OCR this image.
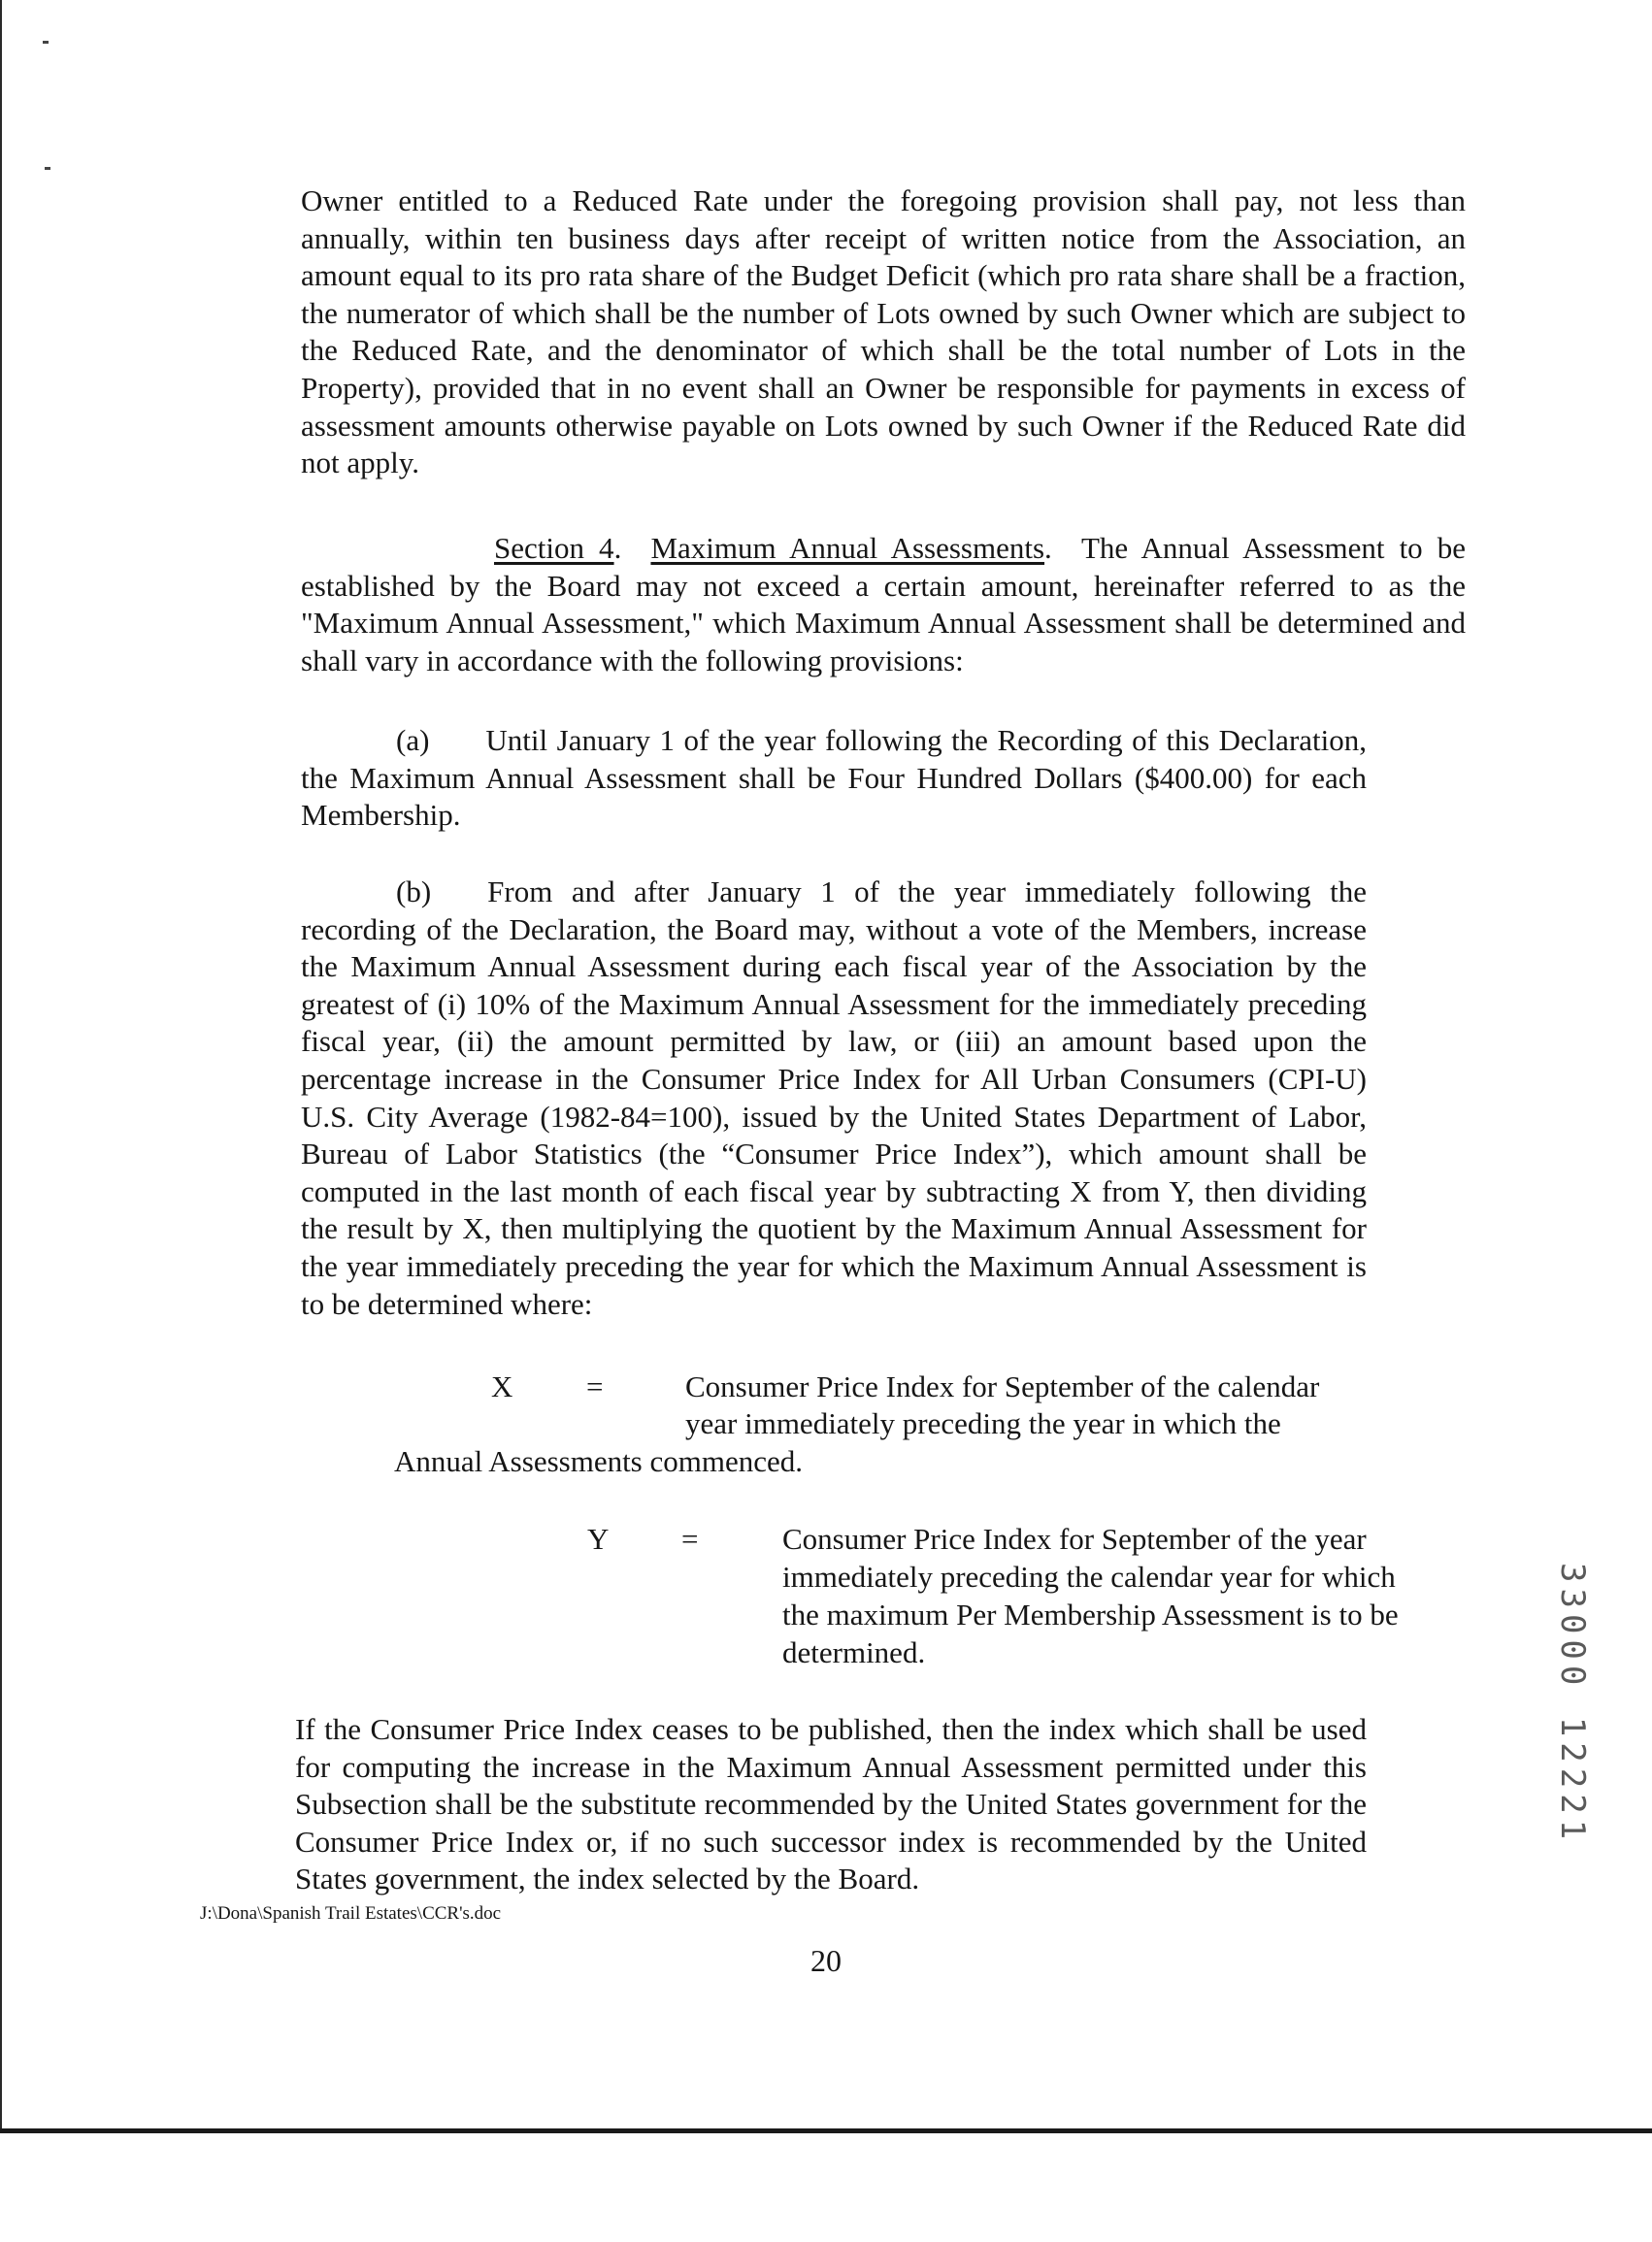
Owner entitled to a Reduced Rate under the foregoing provision shall pay, not less than annually, within ten business days after receipt of written notice from the Association, an amount equal to its pro rata share of the Budget Deficit (which pro rata share shall be a fraction, the numerator of which shall be the number of Lots owned by such Owner which are subject to the Reduced Rate, and the denominator of which shall be the total number of Lots in the Property), provided that in no event shall an Owner be responsible for payments in excess of assessment amounts otherwise payable on Lots owned by such Owner if the Reduced Rate did not apply.
Section 4. Maximum Annual Assessments. The Annual Assessment to be established by the Board may not exceed a certain amount, hereinafter referred to as the "Maximum Annual Assessment," which Maximum Annual Assessment shall be determined and shall vary in accordance with the following provisions:
(a) Until January 1 of the year following the Recording of this Declaration, the Maximum Annual Assessment shall be Four Hundred Dollars ($400.00) for each Membership.
(b) From and after January 1 of the year immediately following the recording of the Declaration, the Board may, without a vote of the Members, increase the Maximum Annual Assessment during each fiscal year of the Association by the greatest of (i) 10% of the Maximum Annual Assessment for the immediately preceding fiscal year, (ii) the amount permitted by law, or (iii) an amount based upon the percentage increase in the Consumer Price Index for All Urban Consumers (CPI-U) U.S. City Average (1982-84=100), issued by the United States Department of Labor, Bureau of Labor Statistics (the “Consumer Price Index”), which amount shall be computed in the last month of each fiscal year by subtracting X from Y, then dividing the result by X, then multiplying the quotient by the Maximum Annual Assessment for the year immediately preceding the year for which the Maximum Annual Assessment is to be determined where:
X =	Consumer Price Index for September of the calendar
year immediately preceding the year in which the
Annual Assessments commenced.
Y =	Consumer Price Index for September of the year
immediately preceding the calendar year for which
the maximum Per Membership Assessment is to be
determined.
If the Consumer Price Index ceases to be published, then the index which shall be used for computing the increase in the Maximum Annual Assessment permitted under this Subsection shall be the substitute recommended by the United States government for the Consumer Price Index or, if no such successor index is recommended by the United States government, the index selected by the Board.
J:\Dona\Spanish Trail Estates\CCR's.doc
20
33000 12221
